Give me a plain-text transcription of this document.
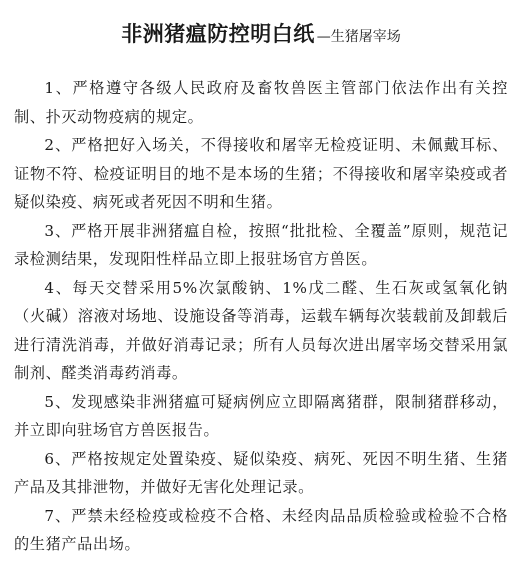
非洲猪瘟防控明白纸 —生猪屠宰场

1、严格遵守各级人民政府及畜牧兽医主管部门依法作出有关控制、扑灭动物疫病的规定。

2、严格把好入场关，不得接收和屠宰无检疫证明、未佩戴耳标、证物不符、检疫证明目的地不是本场的生猪；不得接收和屠宰染疫或者疑似染疫、病死或者死因不明和生猪。

3、严格开展非洲猪瘟自检，按照“批批检、全覆盖”原则，规范记录检测结果，发现阳性样品立即上报驻场官方兽医。

4、每天交替采用5%次氯酸钠、1%戊二醛、生石灰或氢氧化钠（火碱）溶液对场地、设施设备等消毒，运载车辆每次装载前及卸载后进行清洗消毒，并做好消毒记录；所有人员每次进出屠宰场交替采用氯制剂、醛类消毒药消毒。

5、发现感染非洲猪瘟可疑病例应立即隔离猪群，限制猪群移动，并立即向驻场官方兽医报告。

6、严格按规定处置染疫、疑似染疫、病死、死因不明生猪、生猪产品及其排泄物，并做好无害化处理记录。

7、严禁未经检疫或检疫不合格、未经肉品品质检验或检验不合格的生猪产品出场。
